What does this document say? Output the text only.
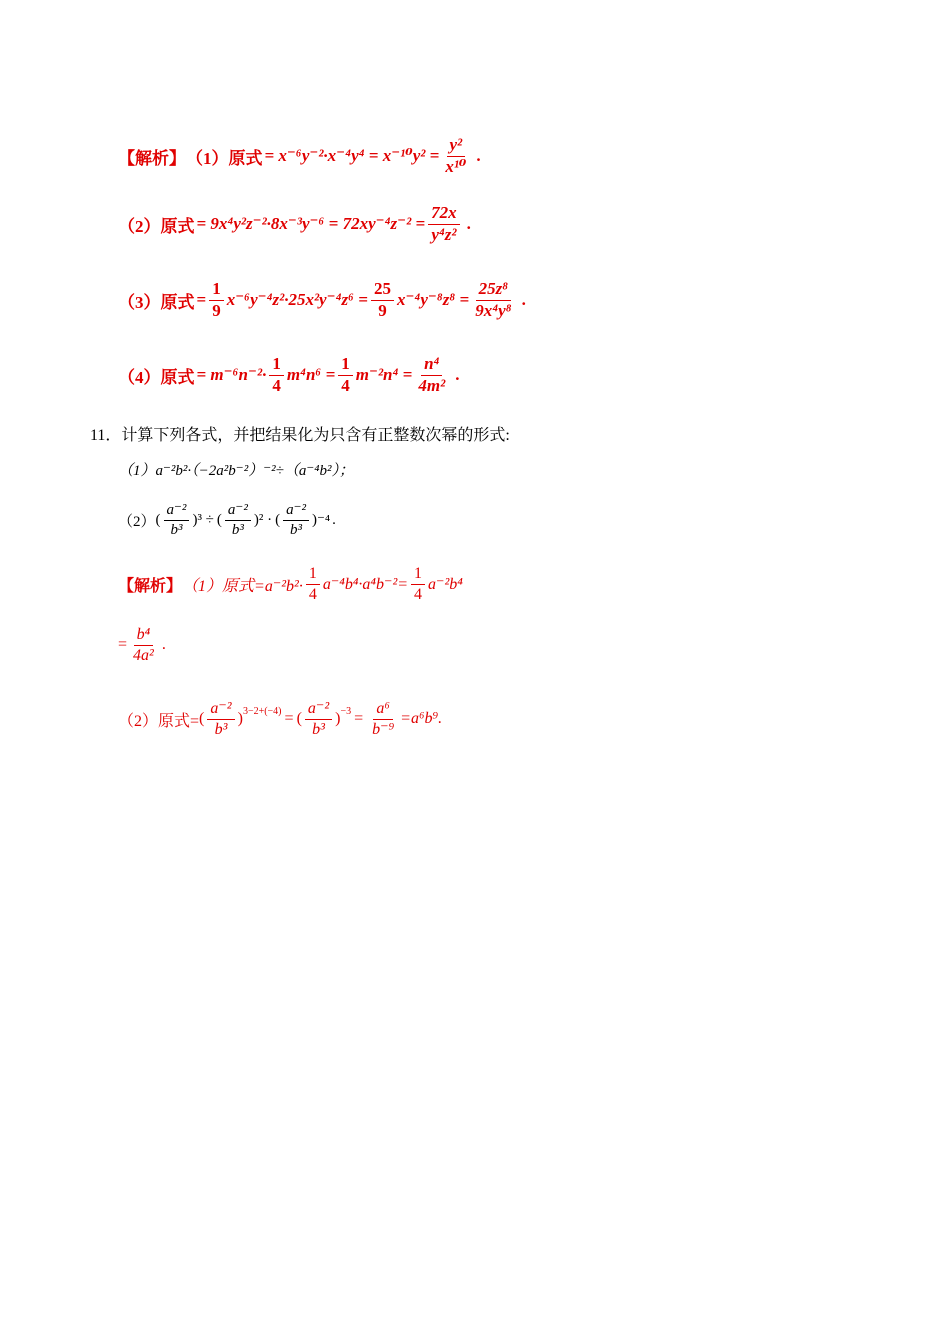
【解析】 （1）原式 = $x^{-6}y^{-2}\cdot x^{-4}y^4 = x^{-10}y^2 = \frac{\text{y²}}{\text{x¹⁰}}$ .
（2）原式 = $9x^4y^2z^{-2}\cdot 8x^{-3}y^{-6} = 72xy^{-4}z^{-2} = \frac{72x}{\text{y⁴z²}}$ .
（3）原式 = $\frac{1}{9} x^{-6}y^{-4}z^2\cdot 25x^2y^{-4}z^6 = \frac{25}{9} x^{-4}y^{-8}z^8 = \frac{\text{25z⁸}}{\text{9x⁴y⁸}}$ .
（4）原式 = $m^{-6}n^{-2}\cdot \frac{1}{4} m^4n^6 = \frac{1}{4} m^{-2}n^4 = \frac{\text{n⁴}}{\text{4m²}}$ .
11． 计算下列各式，并把结果化为只含有正整数次幂的形式:
（1）a⁻²b²·（−2a²b⁻²）⁻²÷（a⁻⁴b²）；
（2） ( $\frac{\text{a⁻²}}{\text{b³}}$ ) ³ ÷ ( $\frac{\text{a⁻²}}{\text{b³}}$ ) ² · ( $\frac{\text{a⁻²}}{\text{b³}}$ ) ⁻⁴ .
【解析】 （1）原式$=a^{-2}b^2\cdot \frac{1}{4} a^{-4}b^4\cdot a^4b^{-2}= \frac{1}{4} a^{-2}b^4$
= $\frac{\text{b⁴}}{\text{4a²}}$ .
（2）原式= ( $\frac{\text{a⁻²}}{\text{b³}}$ ) 3−2+(−4) = ( $\frac{\text{a⁻²}}{\text{b³}}$ ) $-3 = \frac{\text{a⁶}}{\text{b⁻⁹}} =a^6b^9$.
